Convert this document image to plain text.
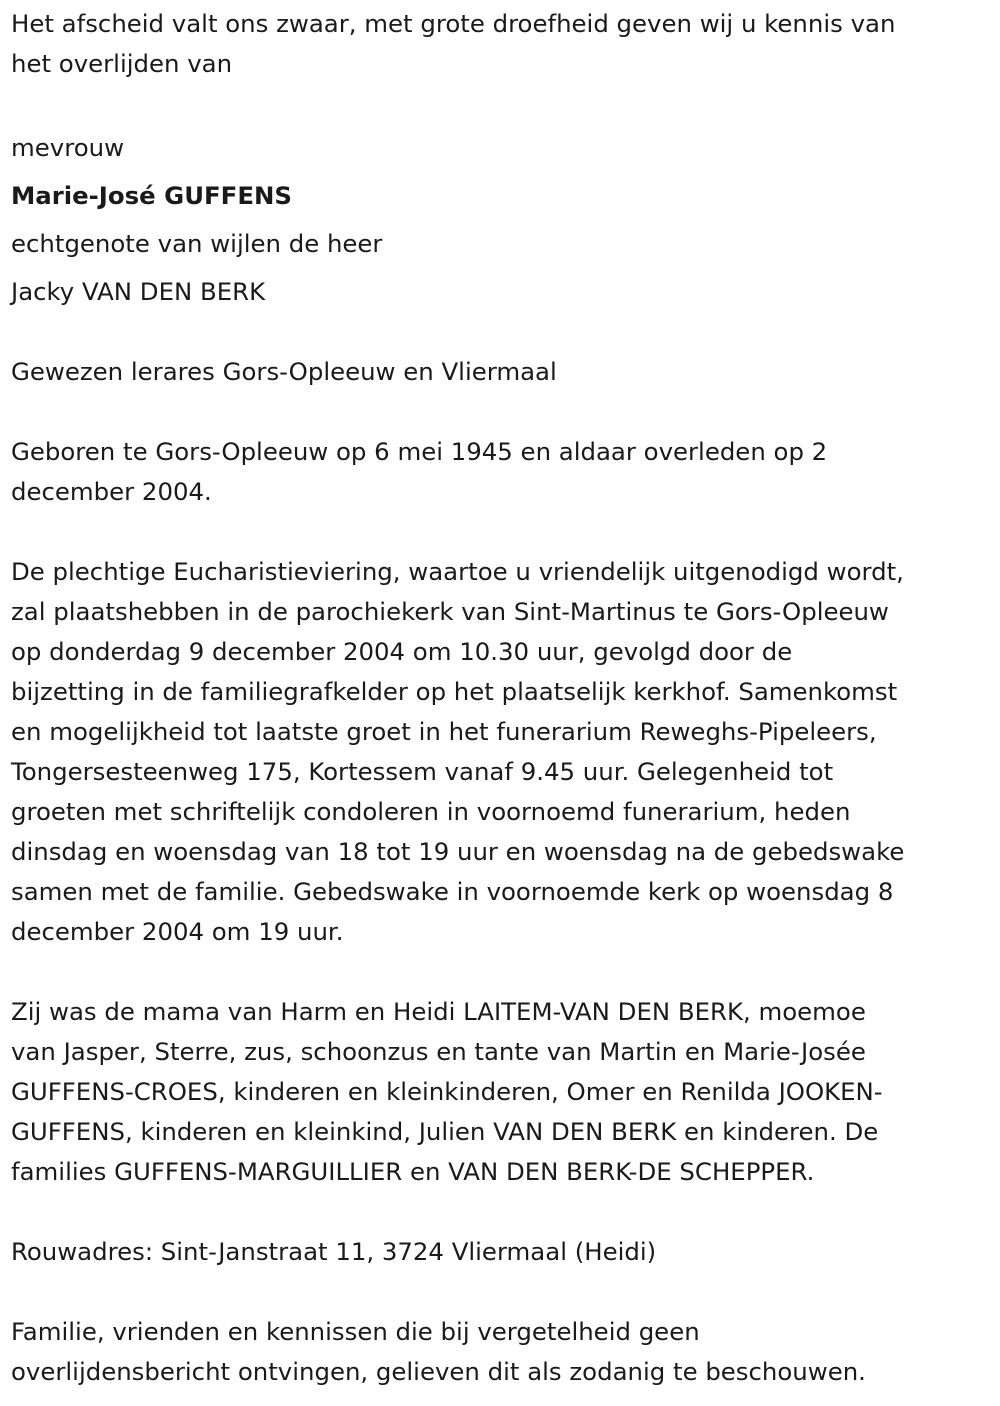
Het afscheid valt ons zwaar, met grote droefheid geven wij u kennis van
het overlijden van
mevrouw
Marie-José GUFFENS
echtgenote van wijlen de heer
Jacky VAN DEN BERK
Gewezen lerares Gors-Opleeuw en Vliermaal
Geboren te Gors-Opleeuw op 6 mei 1945 en aldaar overleden op 2
december 2004.
De plechtige Eucharistieviering, waartoe u vriendelijk uitgenodigd wordt,
zal plaatshebben in de parochiekerk van Sint-Martinus te Gors-Opleeuw
op donderdag 9 december 2004 om 10.30 uur, gevolgd door de
bijzetting in de familiegrafkelder op het plaatselijk kerkhof. Samenkomst
en mogelijkheid tot laatste groet in het funerarium Reweghs-Pipeleers,
Tongersesteenweg 175, Kortessem vanaf 9.45 uur. Gelegenheid tot
groeten met schriftelijk condoleren in voornoemd funerarium, heden
dinsdag en woensdag van 18 tot 19 uur en woensdag na de gebedswake
samen met de familie. Gebedswake in voornoemde kerk op woensdag 8
december 2004 om 19 uur.
Zij was de mama van Harm en Heidi LAITEM-VAN DEN BERK, moemoe
van Jasper, Sterre, zus, schoonzus en tante van Martin en Marie-Josée
GUFFENS-CROES, kinderen en kleinkinderen, Omer en Renilda JOOKEN-
GUFFENS, kinderen en kleinkind, Julien VAN DEN BERK en kinderen. De
families GUFFENS-MARGUILLIER en VAN DEN BERK-DE SCHEPPER.
Rouwadres: Sint-Janstraat 11, 3724 Vliermaal (Heidi)
Familie, vrienden en kennissen die bij vergetelheid geen
overlijdensbericht ontvingen, gelieven dit als zodanig te beschouwen.
